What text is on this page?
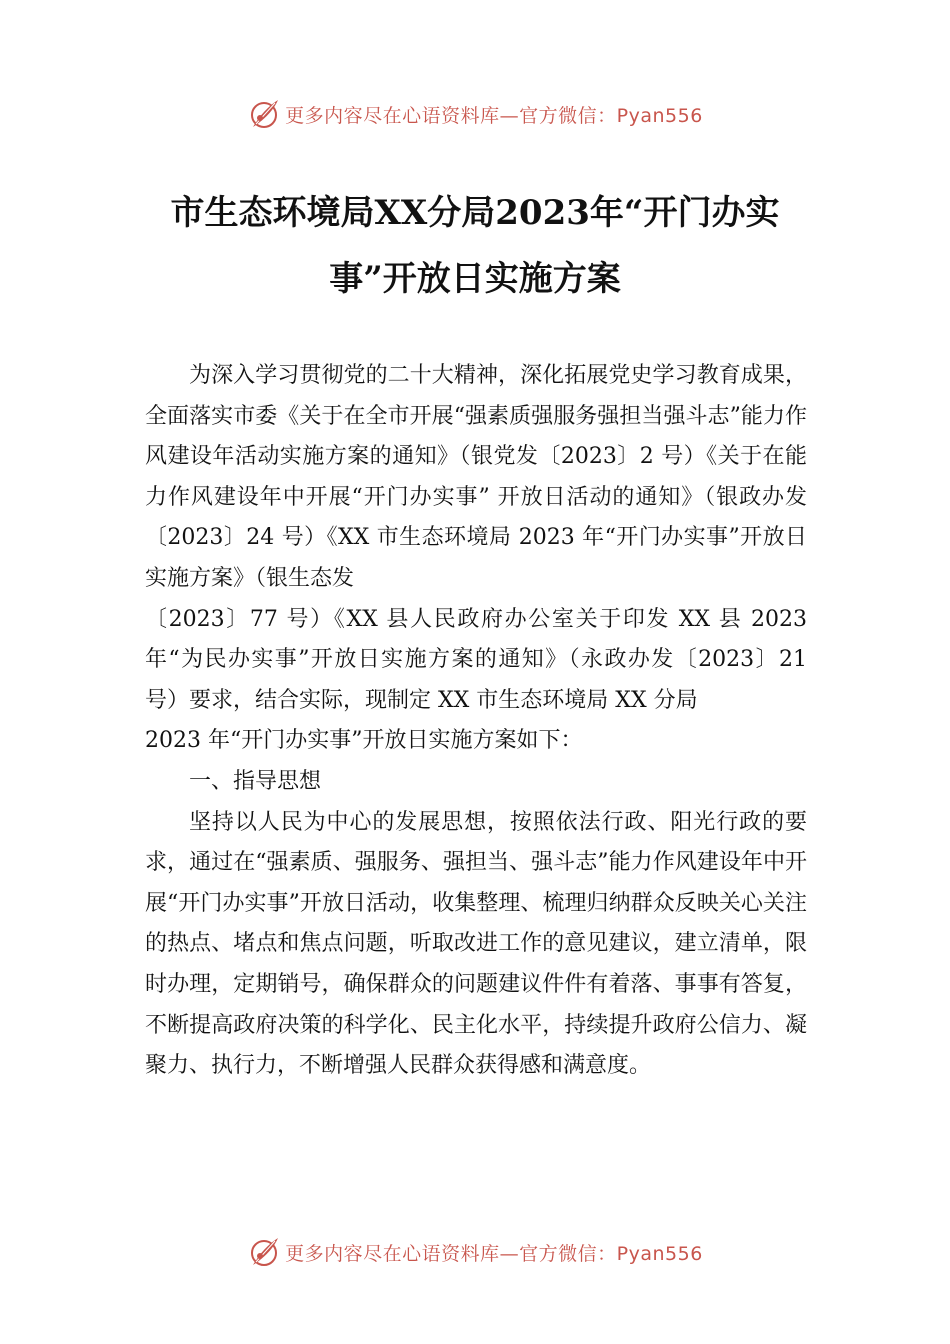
更多内容尽在心语资料库—官方微信：Pyan556
市生态环境局XX分局2023年“开门办实事”开放日实施方案

为深入学习贯彻党的二十大精神，深化拓展党史学习教育成果，全面落实市委《关于在全市开展“强素质强服务强担当强斗志”能力作风建设年活动实施方案的通知》（银党发〔2023〕2 号）《关于在能力作风建设年中开展“开门办实事” 开放日活动的通知》（银政办发〔2023〕24 号）《XX 市生态环境局 2023 年“开门办实事”开放日实施方案》（银生态发

〔2023〕77 号）《XX 县人民政府办公室关于印发 XX 县 2023 年“为民办实事”开放日实施方案的通知》（永政办发〔2023〕21 号）要求，结合实际，现制定 XX 市生态环境局 XX 分局

2023 年“开门办实事”开放日实施方案如下：

一、指导思想

坚持以人民为中心的发展思想，按照依法行政、阳光行政的要求，通过在“强素质、强服务、强担当、强斗志”能力作风建设年中开展“开门办实事”开放日活动，收集整理、梳理归纳群众反映关心关注的热点、堵点和焦点问题，听取改进工作的意见建议，建立清单，限时办理，定期销号，确保群众的问题建议件件有着落、事事有答复，不断提高政府决策的科学化、民主化水平，持续提升政府公信力、凝聚力、执行力，不断增强人民群众获得感和满意度。

更多内容尽在心语资料库—官方微信：Pyan556
